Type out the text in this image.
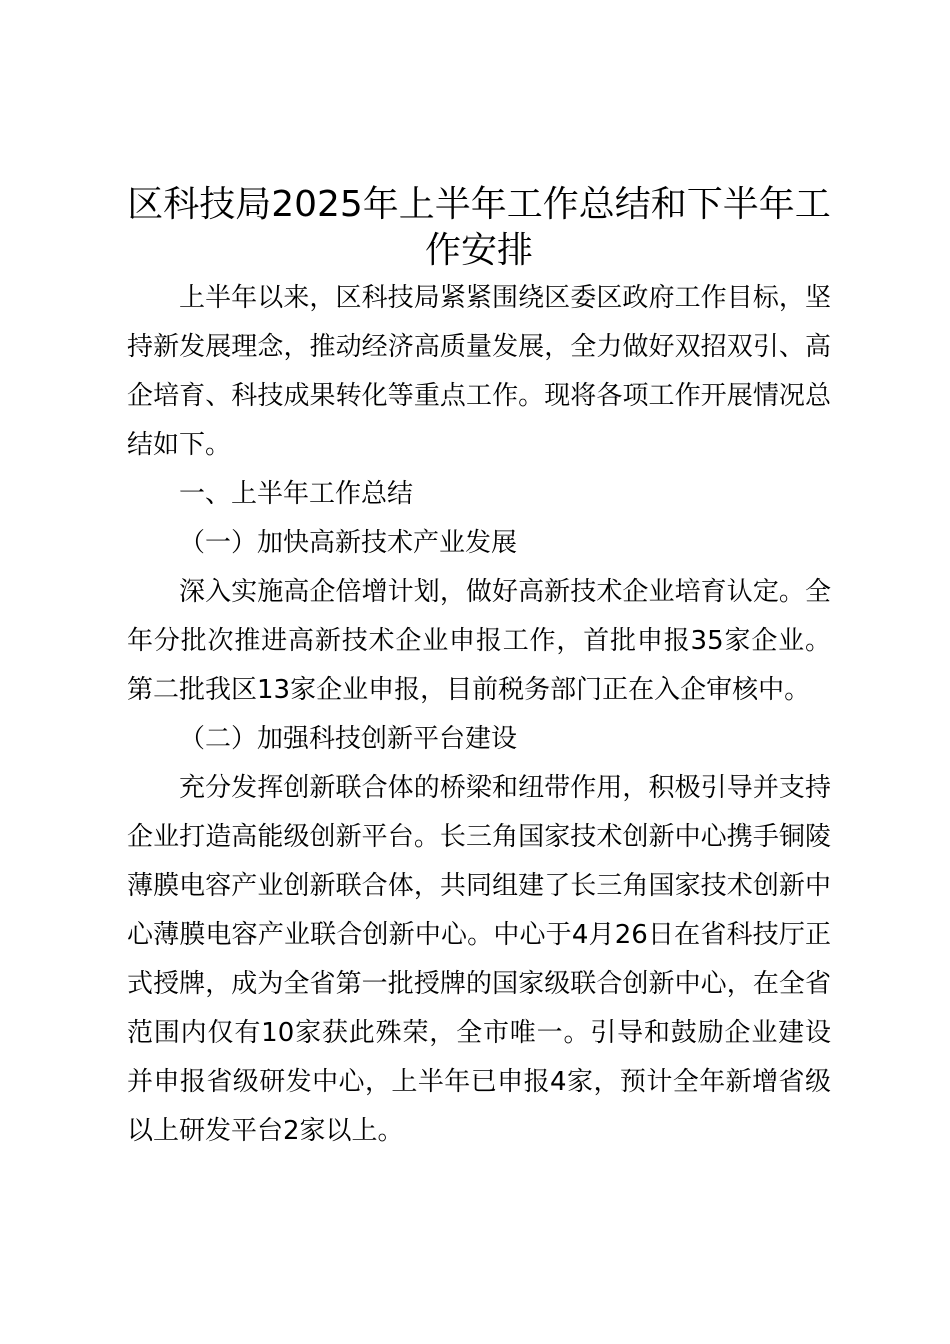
区科技局2025年上半年工作总结和下半年工作安排

上半年以来，区科技局紧紧围绕区委区政府工作目标，坚持新发展理念，推动经济高质量发展，全力做好双招双引、高企培育、科技成果转化等重点工作。现将各项工作开展情况总结如下。

一、上半年工作总结

（一）加快高新技术产业发展

深入实施高企倍增计划，做好高新技术企业培育认定。全年分批次推进高新技术企业申报工作，首批申报35家企业。第二批我区13家企业申报，目前税务部门正在入企审核中。

（二）加强科技创新平台建设

充分发挥创新联合体的桥梁和纽带作用，积极引导并支持企业打造高能级创新平台。长三角国家技术创新中心携手铜陵薄膜电容产业创新联合体，共同组建了长三角国家技术创新中心薄膜电容产业联合创新中心。中心于4月26日在省科技厅正式授牌，成为全省第一批授牌的国家级联合创新中心，在全省范围内仅有10家获此殊荣，全市唯一。引导和鼓励企业建设并申报省级研发中心，上半年已申报4家，预计全年新增省级以上研发平台2家以上。
